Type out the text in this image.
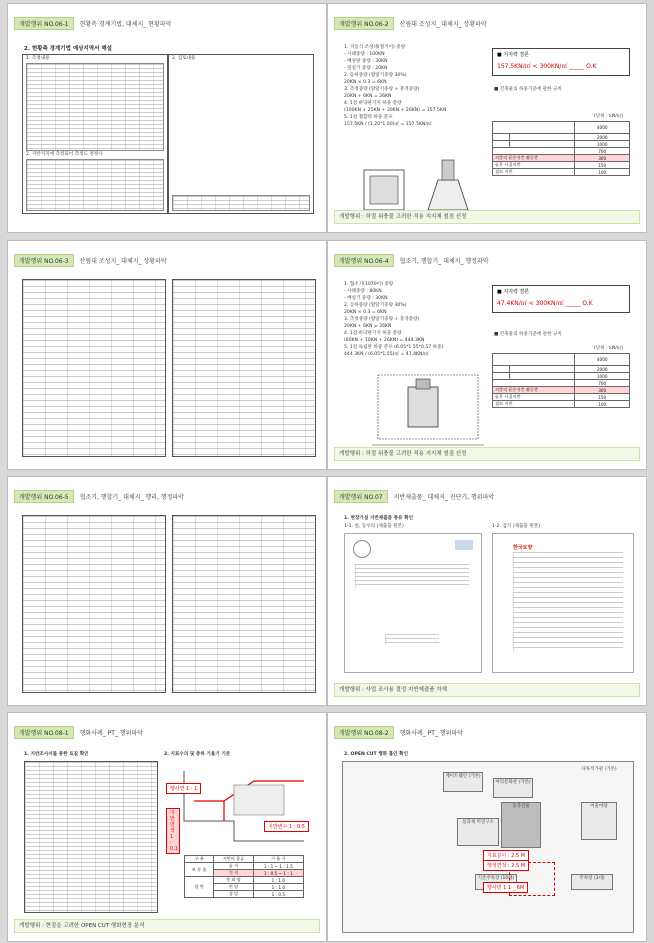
개발행위 NO.06-1	현황측 경계기법, 대체지_ 현황파악
2. 현황측 경계기법 예상지역서 해설
1. 측정내용
2. 지반지지에 측정되어 측정도 결정사
2. 검토내용
개발행위 NO.06-2	산림대 조성지_ 대체지_ 상황파악
1. 지름식 조성대(철거이) 중량
- 사례중량 : 100KN
- 배성판 중량 : 30KN
- 밀실기 중량 : 20KN
2. 동하중량 (활달기중량 30%)
20KN × 0.3 = 6KN
3. 측정중량 (활달기중량 + 충격중량)
20KN + 6KN = 26KN
4. 1점 바닥판기지 하중 총량
(100KN + 25KN + 30KN + 26KN) = 157.5KN
5. 1점 철합력 하중 분포
157.5KN / (1.20*1.00)㎡ = 157.5KN/㎡
■ 지지력 결론
157.5KN/㎡ < 300KN/㎡ _____ O.K
■ 건축물의 하중기준에 관한 규칙
(단위 : kN/㎡)
		4000
		2000
		1000
		700
지층의 굳은지층 활동층		300
굳은 사질지반		150
점토 지반		100
개발행위 : 하절 위충물 고려한 적용 지지체 철점 선정
개발행위 NO.06-3	산림대 조성지_ 대체지_ 상황파악	개발행위 NO.06-4	협조기, 행합기_ 대체지_ 행정파악
1. 협조기(1070이) 중량
- 사례중량 : 80KN
- 배설기 중량 : 30KN
2. 동하중량 (활달기중량 30%)
20KN × 0.3 = 6KN
3. 측정중량 (활달기중량 + 충격중량)
20KN + 6KN = 26KN
4. 1점 바닥판기지 하중 총량
(80KN + 10KN + 26KN) = 444.3KN
5. 1점 독립판 하중 분포 (6.05*1.55*0.57 하중)
444.3KN / (6.05*1.55)㎡ = 47.4KN/㎡
■ 지지력 결론
47.4KN/㎡ < 300KN/㎡ _____ O.K
■ 건축물의 하중기준에 관한 규칙
(단위 : kN/㎡)
		4000
		2000
		1000
		700
지층의 굳은지층 활동층		300
굳은 사질지반		150
점토 지반		100
개발행위 : 하절 위충물 고려한 적용 지지체 철점 선정
개발행위 NO.06-5	협조기, 행합기_ 대체지_ 행리, 행정파악	개발행위 NO.07	지반제출품_ 대체지_ 진단기, 행위파악
1. 현장가설 지반제출품 종류 확인
1-1. 설, 동우의 (제출품 원본)	1-2. 검기 (제출품 원본)
한국토양
개발행위 : 사업 조사용 결정 지반제출품 자체
개발행위 NO.08-1	행화사례_ PT_ 행위파악
1. 지반조사서를 통한 토질 확인	2. 지표수의 및 층하 기울기 기준
행사면 1 : 1
지반면적 1 : 0.1
지반변수 1 : 0.5
구 분	지반의 종류	기 울 기
보 통 흙	습 지	1 : 1 ~ 1 : 1.5
	건 지	1 : 0.5 ~ 1 : 1
암 반	풍 화 암	1 : 1.0
	연 암	1 : 1.0
	경 암	1 : 0.5
개발행위 : 현절을 고려한 OPEN CUT 행화현장 분석
개발행위 NO.08-2	행화사례_ PT_ 행위파악
2. OPEN CUT 행화 흡인 확인
계이트웰린 (가톤)
여의문화관 (가톤)
다목적가관 (가톤)
실과제 미연구소
동측건물	어울마당
기존주차장 (10대)	주차장 (3대)
지표깊이 : 2.5 M
행정면적 : 2.5 M
행사면 1:1 _ 6M
